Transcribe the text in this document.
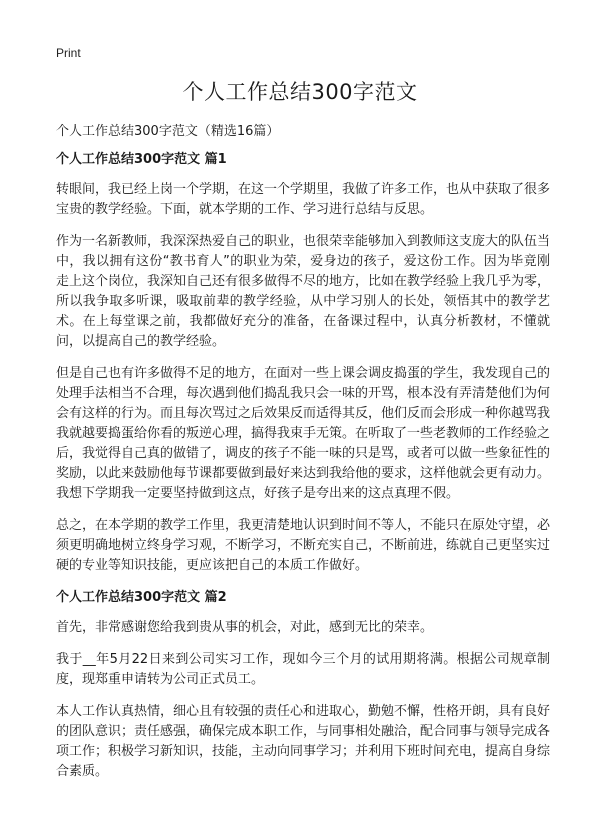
Print
个人工作总结300字范文

个人工作总结300字范文（精选16篇）

个人工作总结300字范文 篇1

转眼间，我已经上岗一个学期，在这一个学期里，我做了许多工作，也从中获取了很多宝贵的教学经验。下面，就本学期的工作、学习进行总结与反思。

作为一名新教师，我深深热爱自己的职业，也很荣幸能够加入到教师这支庞大的队伍当中，我以拥有这份“教书育人”的职业为荣，爱身边的孩子，爱这份工作。因为毕竟刚走上这个岗位，我深知自己还有很多做得不尽的地方，比如在教学经验上我几乎为零，所以我争取多听课，吸取前辈的教学经验，从中学习别人的长处，领悟其中的教学艺术。在上每堂课之前，我都做好充分的准备，在备课过程中，认真分析教材，不懂就问，以提高自己的教学经验。

但是自己也有许多做得不足的地方，在面对一些上课会调皮捣蛋的学生，我发现自己的处理手法相当不合理，每次遇到他们捣乱我只会一味的开骂，根本没有弄清楚他们为何会有这样的行为。而且每次骂过之后效果反而适得其反，他们反而会形成一种你越骂我我就越要捣蛋给你看的叛逆心理，搞得我束手无策。在听取了一些老教师的工作经验之后，我觉得自己真的做错了，调皮的孩子不能一味的只是骂，或者可以做一些象征性的奖励，以此来鼓励他每节课都要做到最好来达到我给他的要求，这样他就会更有动力。我想下学期我一定要坚持做到这点，好孩子是夸出来的这点真理不假。

总之，在本学期的教学工作里，我更清楚地认识到时间不等人，不能只在原处守望，必须更明确地树立终身学习观，不断学习，不断充实自己，不断前进，练就自己更坚实过硬的专业等知识技能，更应该把自己的本质工作做好。

个人工作总结300字范文 篇2

首先，非常感谢您给我到贵从事的机会，对此，感到无比的荣幸。

我于__年5月22日来到公司实习工作，现如今三个月的试用期将满。根据公司规章制度，现郑重申请转为公司正式员工。

本人工作认真热情，细心且有较强的责任心和进取心，勤勉不懈，性格开朗，具有良好的团队意识；责任感强，确保完成本职工作，与同事相处融洽，配合同事与领导完成各项工作；积极学习新知识，技能，主动向同事学习；并利用下班时间充电，提高自身综合素质。
